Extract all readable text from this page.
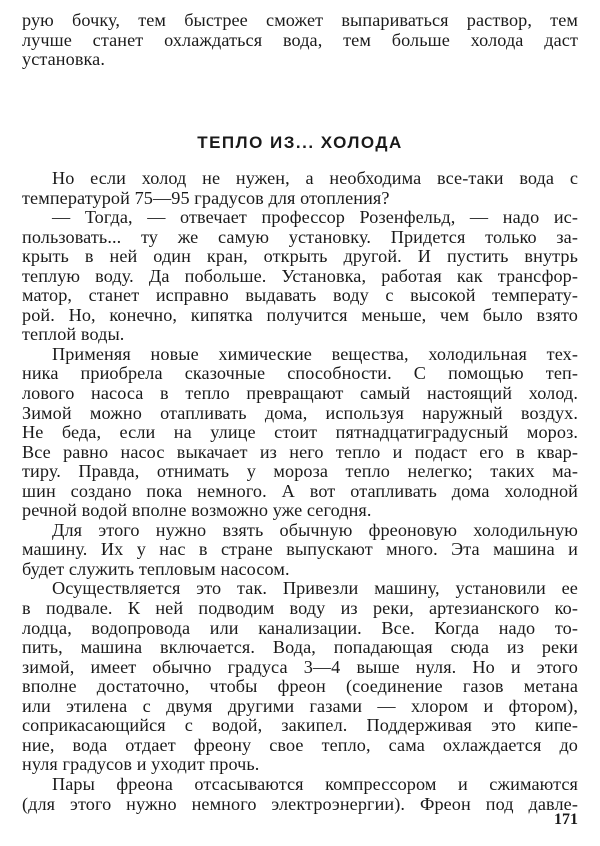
рую бочку, тем быстрее сможет выпариваться раствор, тем
лучше станет охлаждаться вода, тем больше холода даст
установка.
ТЕПЛО ИЗ... ХОЛОДА
Но если холод не нужен, а необходима все-таки вода с
температурой 75—95 градусов для отопления?
— Тогда, — отвечает профессор Розенфельд, — надо ис-
пользовать... ту же самую установку. Придется только за-
крыть в ней один кран, открыть другой. И пустить внутрь
теплую воду. Да побольше. Установка, работая как трансфор-
матор, станет исправно выдавать воду с высокой температу-
рой. Но, конечно, кипятка получится меньше, чем было взято
теплой воды.
Применяя новые химические вещества, холодильная тех-
ника приобрела сказочные способности. С помощью теп-
лового насоса в тепло превращают самый настоящий холод.
Зимой можно отапливать дома, используя наружный воздух.
Не беда, если на улице стоит пятнадцатиградусный мороз.
Все равно насос выкачает из него тепло и подаст его в квар-
тиру. Правда, отнимать у мороза тепло нелегко; таких ма-
шин создано пока немного. А вот отапливать дома холодной
речной водой вполне возможно уже сегодня.
Для этого нужно взять обычную фреоновую холодильную
машину. Их у нас в стране выпускают много. Эта машина и
будет служить тепловым насосом.
Осуществляется это так. Привезли машину, установили ее
в подвале. К ней подводим воду из реки, артезианского ко-
лодца, водопровода или канализации. Все. Когда надо то-
пить, машина включается. Вода, попадающая сюда из реки
зимой, имеет обычно градуса 3—4 выше нуля. Но и этого
вполне достаточно, чтобы фреон (соединение газов метана
или этилена с двумя другими газами — хлором и фтором),
соприкасающийся с водой, закипел. Поддерживая это кипе-
ние, вода отдает фреону свое тепло, сама охлаждается до
нуля градусов и уходит прочь.
Пары фреона отсасываются компрессором и сжимаются
(для этого нужно немного электроэнергии). Фреон под давле-
171
